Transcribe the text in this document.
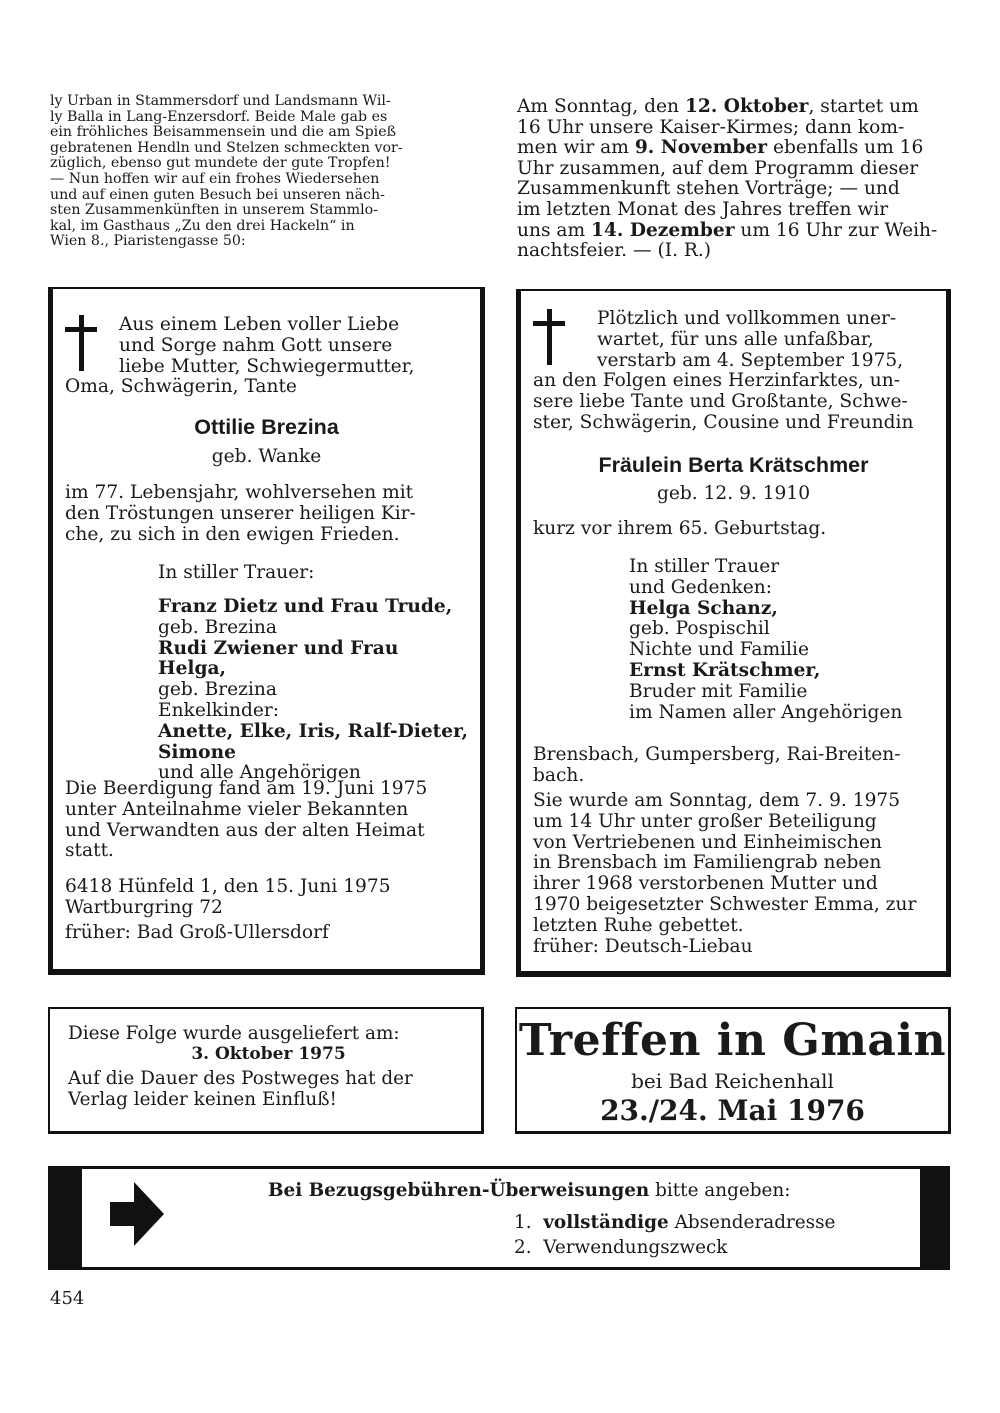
ly Urban in Stammersdorf und Landsmann Wil-
ly Balla in Lang-Enzersdorf. Beide Male gab es
ein fröhliches Beisammensein und die am Spieß
gebratenen Hendln und Stelzen schmeckten vor-
züglich, ebenso gut mundete der gute Tropfen!
— Nun hoffen wir auf ein frohes Wiedersehen
und auf einen guten Besuch bei unseren näch-
sten Zusammenkünften in unserem Stammlo-
kal, im Gasthaus „Zu den drei Hackeln“ in
Wien 8., Piaristengasse 50:
Am Sonntag, den 12. Oktober, startet um
16 Uhr unsere Kaiser-Kirmes; dann kom-
men wir am 9. November ebenfalls um 16
Uhr zusammen, auf dem Programm dieser
Zusammenkunft stehen Vorträge; — und
im letzten Monat des Jahres treffen wir
uns am 14. Dezember um 16 Uhr zur Weih-
nachtsfeier. — (I. R.)
Aus einem Leben voller Liebe
und Sorge nahm Gott unsere
liebe Mutter, Schwiegermutter,
Oma, Schwägerin, Tante
Ottilie Brezina
geb. Wanke
im 77. Lebensjahr, wohlversehen mit
den Tröstungen unserer heiligen Kir-
che, zu sich in den ewigen Frieden.
In stiller Trauer:
Franz Dietz und Frau Trude,
geb. Brezina
Rudi Zwiener und Frau Helga,
geb. Brezina
Enkelkinder:
Anette, Elke, Iris, Ralf-Dieter,
Simone
und alle Angehörigen
Die Beerdigung fand am 19. Juni 1975
unter Anteilnahme vieler Bekannten
und Verwandten aus der alten Heimat
statt.
6418 Hünfeld 1, den 15. Juni 1975
Wartburgring 72
früher: Bad Groß-Ullersdorf
Plötzlich und vollkommen uner-
wartet, für uns alle unfaßbar,
verstarb am 4. September 1975,
an den Folgen eines Herzinfarktes, un-
sere liebe Tante und Großtante, Schwe-
ster, Schwägerin, Cousine und Freundin
Fräulein Berta Krätschmer
geb. 12. 9. 1910
kurz vor ihrem 65. Geburtstag.
In stiller Trauer
und Gedenken:
Helga Schanz,
geb. Pospischil
Nichte und Familie
Ernst Krätschmer,
Bruder mit Familie
im Namen aller Angehörigen
Brensbach, Gumpersberg, Rai-Breiten-
bach.
Sie wurde am Sonntag, dem 7. 9. 1975
um 14 Uhr unter großer Beteiligung
von Vertriebenen und Einheimischen
in Brensbach im Familiengrab neben
ihrer 1968 verstorbenen Mutter und
1970 beigesetzter Schwester Emma, zur
letzten Ruhe gebettet.
früher: Deutsch-Liebau
Diese Folge wurde ausgeliefert am:
3. Oktober 1975
Auf die Dauer des Postweges hat der
Verlag leider keinen Einfluß!
Treffen in Gmain
bei Bad Reichenhall
23./24. Mai 1976
Bei Bezugsgebühren-Überweisungen bitte angeben:
1. vollständige Absenderadresse
2. Verwendungszweck
454
